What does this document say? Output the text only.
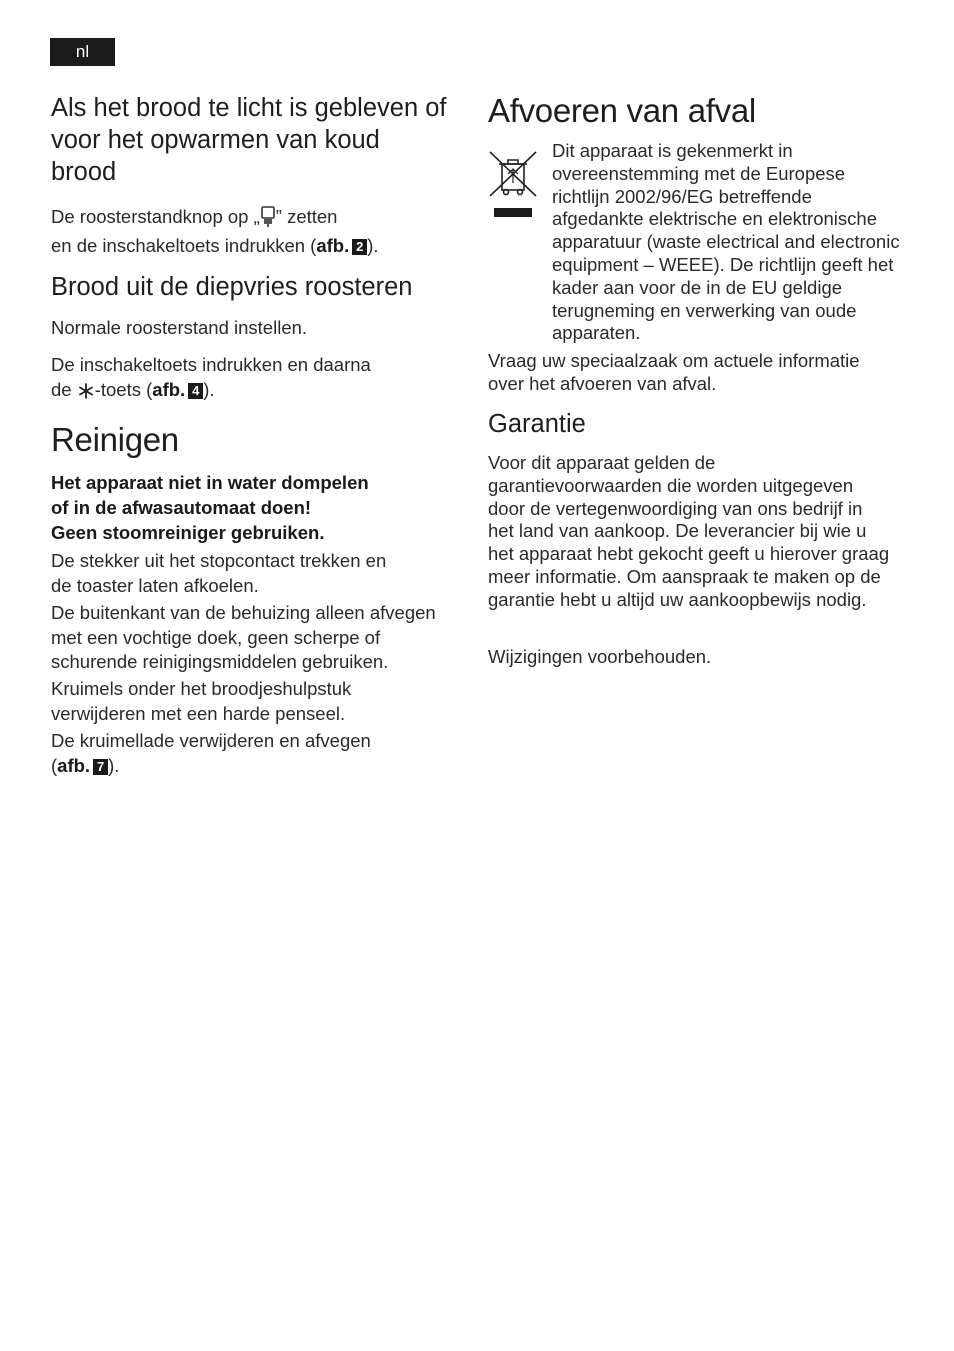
nl
Als het brood te licht is gebleven of voor het opwarmen van koud brood
De roosterstandknop op „ ” zetten
en de inschakeltoets indrukken (afb. 2 ).
Brood uit de diepvries roosteren
Normale roosterstand instellen.
De inschakeltoets indrukken en daarna
de -toets (afb. 4 ).
Reinigen
Het apparaat niet in water dompelen
of in de afwasautomaat doen!
Geen stoomreiniger gebruiken.
De stekker uit het stopcontact trekken en de toaster laten afkoelen.
De buitenkant van de behuizing alleen afvegen met een vochtige doek, geen scherpe of schurende reinigingsmiddelen gebruiken.
Kruimels onder het broodjeshulpstuk verwijderen met een harde penseel.
De kruimellade verwijderen en afvegen
(afb. 7 ).
Afvoeren van afval
Dit apparaat is gekenmerkt in overeenstemming met de Europese richtlijn 2002/96/EG betreffende afgedankte elektrische en elektronische apparatuur (waste electrical and electronic equipment – WEEE). De richtlijn geeft het kader aan voor de in de EU geldige terugneming en verwerking van oude apparaten.
Vraag uw speciaalzaak om actuele informatie over het afvoeren van afval.
Garantie
Voor dit apparaat gelden de garantievoorwaarden die worden uitgegeven door de vertegenwoordiging van ons bedrijf in het land van aankoop. De leverancier bij wie u het apparaat hebt gekocht geeft u hierover graag meer informatie. Om aanspraak te maken op de garantie hebt u altijd uw aankoopbewijs nodig.
Wijzigingen voorbehouden.
